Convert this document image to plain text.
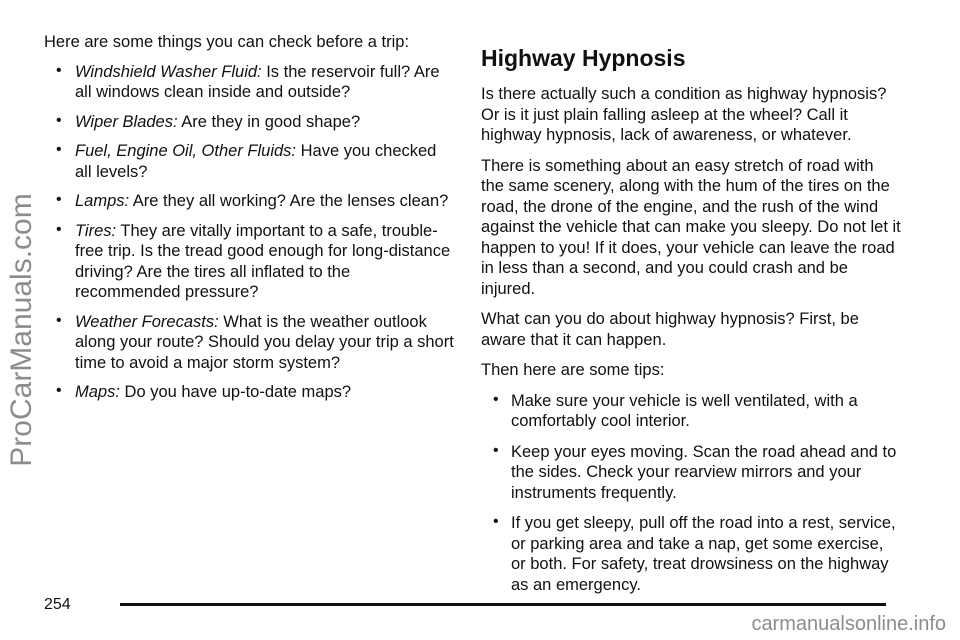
ProCarManuals.com

Here are some things you can check before a trip:

• Windshield Washer Fluid: Is the reservoir full? Are all windows clean inside and outside?
• Wiper Blades: Are they in good shape?
• Fuel, Engine Oil, Other Fluids: Have you checked all levels?
• Lamps: Are they all working? Are the lenses clean?
• Tires: They are vitally important to a safe, trouble-free trip. Is the tread good enough for long-distance driving? Are the tires all inflated to the recommended pressure?
• Weather Forecasts: What is the weather outlook along your route? Should you delay your trip a short time to avoid a major storm system?
• Maps: Do you have up-to-date maps?
Highway Hypnosis

Is there actually such a condition as highway hypnosis? Or is it just plain falling asleep at the wheel? Call it highway hypnosis, lack of awareness, or whatever.

There is something about an easy stretch of road with the same scenery, along with the hum of the tires on the road, the drone of the engine, and the rush of the wind against the vehicle that can make you sleepy. Do not let it happen to you! If it does, your vehicle can leave the road in less than a second, and you could crash and be injured.

What can you do about highway hypnosis? First, be aware that it can happen.

Then here are some tips:

• Make sure your vehicle is well ventilated, with a comfortably cool interior.
• Keep your eyes moving. Scan the road ahead and to the sides. Check your rearview mirrors and your instruments frequently.
• If you get sleepy, pull off the road into a rest, service, or parking area and take a nap, get some exercise, or both. For safety, treat drowsiness on the highway as an emergency.
254
carmanualsonline.info
